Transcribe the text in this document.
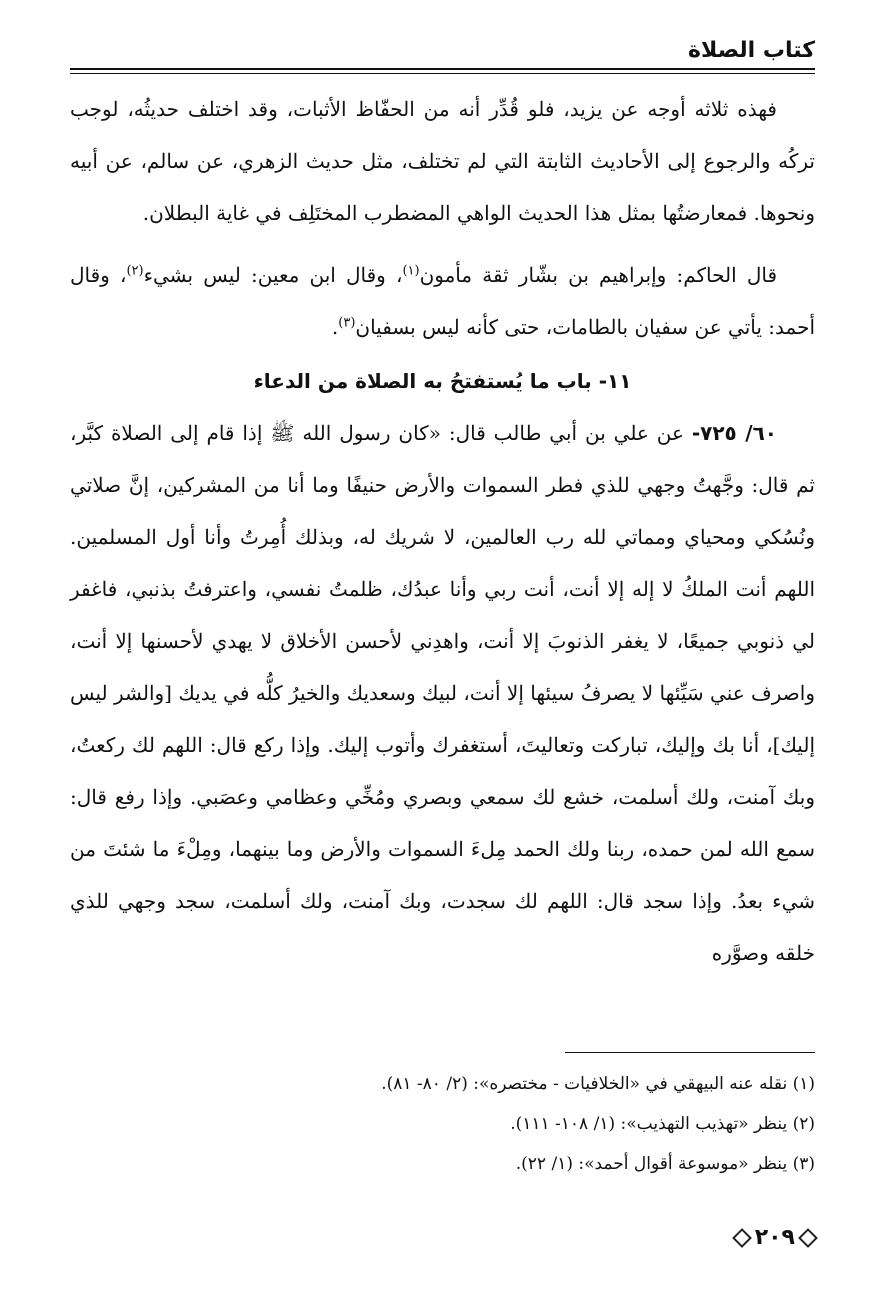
كتاب الصلاة

فهذه ثلاثه أوجه عن يزيد، فلو قُدِّر أنه من الحفّاظ الأثبات، وقد اختلف حديثُه، لوجب تركُه والرجوع إلى الأحاديث الثابتة التي لم تختلف، مثل حديث الزهري، عن سالم، عن أبيه ونحوها. فمعارضتُها بمثل هذا الحديث الواهي المضطرب المختَلِف في غاية البطلان.

قال الحاكم: وإبراهيم بن بشّار ثقة مأمون$^{(١)}$، وقال ابن معين: ليس بشيء$^{(٢)}$، وقال أحمد: يأتي عن سفيان بالطامات، حتى كأنه ليس بسفيان$^{(٣)}$.

١١- باب ما يُستفتحُ به الصلاة من الدعاء

٦٠/ ٧٢٥- عن علي بن أبي طالب قال: «كان رسول الله ﷺ إذا قام إلى الصلاة كبَّر، ثم قال: وجَّهتُ وجهي للذي فطر السموات والأرض حنيفًا وما أنا من المشركين، إنَّ صلاتي ونُسُكي ومحياي ومماتي لله رب العالمين، لا شريك له، وبذلك أُمِرتُ وأنا أول المسلمين. اللهم أنت الملكُ لا إله إلا أنت، أنت ربي وأنا عبدُك، ظلمتُ نفسي، واعترفتُ بذنبي، فاغفر لي ذنوبي جميعًا، لا يغفر الذنوبَ إلا أنت، واهدِني لأحسن الأخلاق لا يهدي لأحسنها إلا أنت، واصرف عني سَيِّئها لا يصرفُ سيئها إلا أنت، لبيك وسعديك والخيرُ كلُّه في يديك [والشر ليس إليك]، أنا بك وإليك، تباركت وتعاليتَ، أستغفرك وأتوب إليك. وإذا ركع قال: اللهم لك ركعتُ، وبك آمنت، ولك أسلمت، خشع لك سمعي وبصري ومُخِّي وعظامي وعصَبي. وإذا رفع قال: سمع الله لمن حمده، ربنا ولك الحمد مِلءَ السموات والأرض وما بينهما، ومِلْءَ ما شئتَ من شيء بعدُ. وإذا سجد قال: اللهم لك سجدت، وبك آمنت، ولك أسلمت، سجد وجهي للذي خلقه وصوَّره

(١) نقله عنه البيهقي في «الخلافيات - مختصره»: (٢/ ٨٠- ٨١).

(٢) ينظر «تهذيب التهذيب»: (١/ ١٠٨- ١١١).

(٣) ينظر «موسوعة أقوال أحمد»: (١/ ٢٢).

٢٠٩
